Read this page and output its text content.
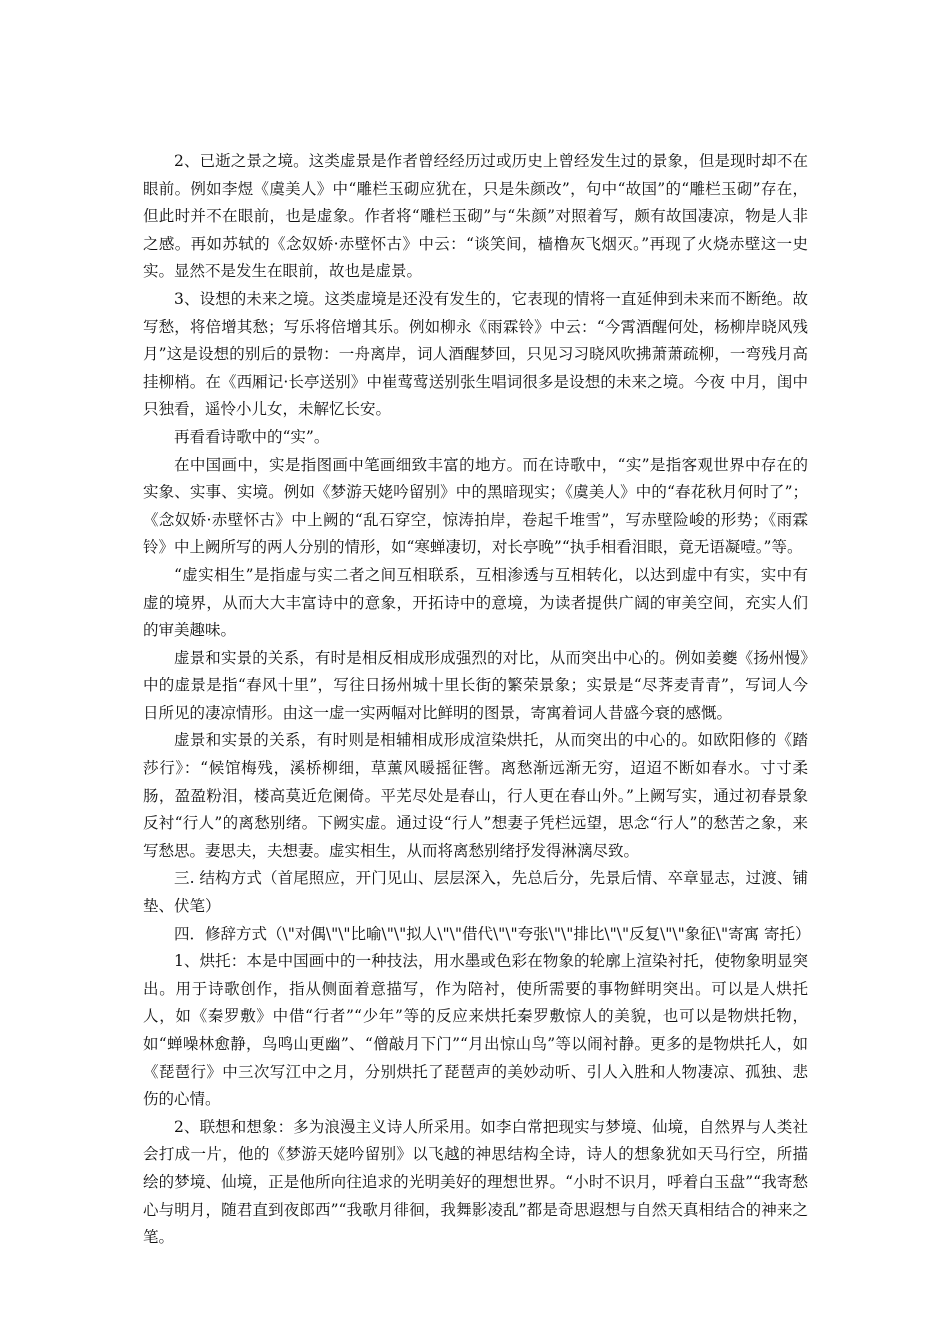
2、已逝之景之境。这类虚景是作者曾经经历过或历史上曾经发生过的景象，但是现时却不在眼前。例如李煜《虞美人》中“雕栏玉砌应犹在，只是朱颜改”，句中“故国”的“雕栏玉砌”存在，但此时并不在眼前，也是虚象。作者将“雕栏玉砌”与“朱颜”对照着写，颇有故国凄凉，物是人非之感。再如苏轼的《念奴娇·赤壁怀古》中云：“谈笑间，樯橹灰飞烟灭。”再现了火烧赤壁这一史实。显然不是发生在眼前，故也是虚景。

3、设想的未来之境。这类虚境是还没有发生的，它表现的情将一直延伸到未来而不断绝。故写愁，将倍增其愁；写乐将倍增其乐。例如柳永《雨霖铃》中云：“今霄酒醒何处，杨柳岸晓风残月”这是设想的别后的景物：一舟离岸，词人酒醒梦回，只见习习晓风吹拂萧萧疏柳，一弯残月高挂柳梢。在《西厢记·长亭送别》中崔莺莺送别张生唱词很多是设想的未来之境。今夜 中月，闺中只独看，遥怜小儿女，未解忆长安。

再看看诗歌中的“实”。

在中国画中，实是指图画中笔画细致丰富的地方。而在诗歌中，“实”是指客观世界中存在的实象、实事、实境。例如《梦游天姥吟留别》中的黑暗现实；《虞美人》中的“春花秋月何时了”；《念奴娇·赤壁怀古》中上阙的“乱石穿空，惊涛拍岸，卷起千堆雪”，写赤壁险峻的形势；《雨霖铃》中上阙所写的两人分别的情形，如“寒蝉凄切，对长亭晚”“执手相看泪眼，竟无语凝噎。”等。

“虚实相生”是指虚与实二者之间互相联系，互相渗透与互相转化，以达到虚中有实，实中有虚的境界，从而大大丰富诗中的意象，开拓诗中的意境，为读者提供广阔的审美空间，充实人们的审美趣味。

虚景和实景的关系，有时是相反相成形成强烈的对比，从而突出中心的。例如姜夔《扬州慢》中的虚景是指“春风十里”，写往日扬州城十里长街的繁荣景象；实景是“尽荠麦青青”，写词人今日所见的凄凉情形。由这一虚一实两幅对比鲜明的图景，寄寓着词人昔盛今衰的感慨。

虚景和实景的关系，有时则是相辅相成形成渲染烘托，从而突出的中心的。如欧阳修的《踏莎行》：“候馆梅残，溪桥柳细，草薰风暖摇征辔。离愁渐远渐无穷，迢迢不断如春水。寸寸柔肠，盈盈粉泪，楼高莫近危阑倚。平芜尽处是春山，行人更在春山外。”上阙写实，通过初春景象反衬“行人”的离愁别绪。下阙实虚。通过设“行人”想妻子凭栏远望，思念“行人”的愁苦之象，来写愁思。妻思夫，夫想妻。虚实相生，从而将离愁别绪抒发得淋漓尽致。

三. 结构方式（首尾照应，开门见山、层层深入，先总后分，先景后情、卒章显志，过渡、铺垫、伏笔）

四．修辞方式（\"对偶\"\"比喻\"\"拟人\"\"借代\"\"夸张\"\"排比\"\"反复\"\"象征\"寄寓 寄托）

1、烘托：本是中国画中的一种技法，用水墨或色彩在物象的轮廓上渲染衬托，使物象明显突出。用于诗歌创作，指从侧面着意描写，作为陪衬，使所需要的事物鲜明突出。可以是人烘托人，如《秦罗敷》中借“行者”“少年”等的反应来烘托秦罗敷惊人的美貌，也可以是物烘托物，如“蝉噪林愈静，鸟鸣山更幽”、“僧敲月下门”“月出惊山鸟”等以闹衬静。更多的是物烘托人，如《琵琶行》中三次写江中之月，分别烘托了琵琶声的美妙动听、引人入胜和人物凄凉、孤独、悲伤的心情。

2、联想和想象：多为浪漫主义诗人所采用。如李白常把现实与梦境、仙境，自然界与人类社会打成一片，他的《梦游天姥吟留别》以飞越的神思结构全诗，诗人的想象犹如天马行空，所描绘的梦境、仙境，正是他所向往追求的光明美好的理想世界。“小时不识月，呼着白玉盘”“我寄愁心与明月，随君直到夜郎西”“我歌月徘徊，我舞影凌乱”都是奇思遐想与自然天真相结合的神来之笔。
